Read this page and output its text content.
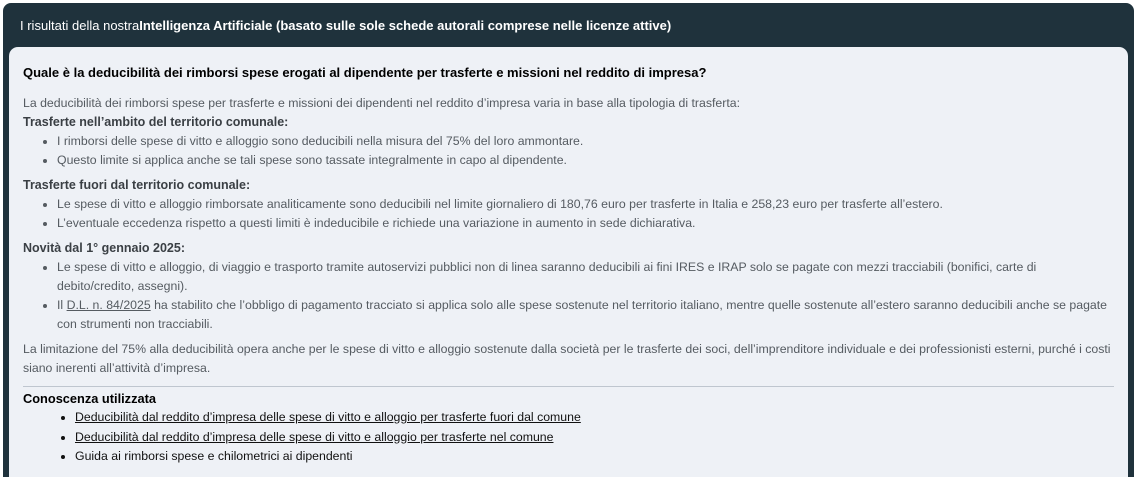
I risultati della nostra Intelligenza Artificiale (basato sulle sole schede autorali comprese nelle licenze attive)
Quale è la deducibilità dei rimborsi spese erogati al dipendente per trasferte e missioni nel reddito di impresa?

La deducibilità dei rimborsi spese per trasferte e missioni dei dipendenti nel reddito d’impresa varia in base alla tipologia di trasferta:

Trasferte nell’ambito del territorio comunale:
• I rimborsi delle spese di vitto e alloggio sono deducibili nella misura del 75% del loro ammontare.
• Questo limite si applica anche se tali spese sono tassate integralmente in capo al dipendente.
Trasferte fuori dal territorio comunale:
• Le spese di vitto e alloggio rimborsate analiticamente sono deducibili nel limite giornaliero di 180,76 euro per trasferte in Italia e 258,23 euro per trasferte all’estero.
• L’eventuale eccedenza rispetto a questi limiti è indeducibile e richiede una variazione in aumento in sede dichiarativa.
Novità dal 1° gennaio 2025:
• Le spese di vitto e alloggio, di viaggio e trasporto tramite autoservizi pubblici non di linea saranno deducibili ai fini IRES e IRAP solo se pagate con mezzi tracciabili (bonifici, carte di debito/credito, assegni).
• Il D.L. n. 84/2025 ha stabilito che l’obbligo di pagamento tracciato si applica solo alle spese sostenute nel territorio italiano, mentre quelle sostenute all’estero saranno deducibili anche se pagate con strumenti non tracciabili.

La limitazione del 75% alla deducibilità opera anche per le spese di vitto e alloggio sostenute dalla società per le trasferte dei soci, dell’imprenditore individuale e dei professionisti esterni, purché i costi siano inerenti all’attività d’impresa.

Conoscenza utilizzata
• Deducibilità dal reddito d’impresa delle spese di vitto e alloggio per trasferte fuori dal comune
• Deducibilità dal reddito d’impresa delle spese di vitto e alloggio per trasferte nel comune
• Guida ai rimborsi spese e chilometrici ai dipendenti
